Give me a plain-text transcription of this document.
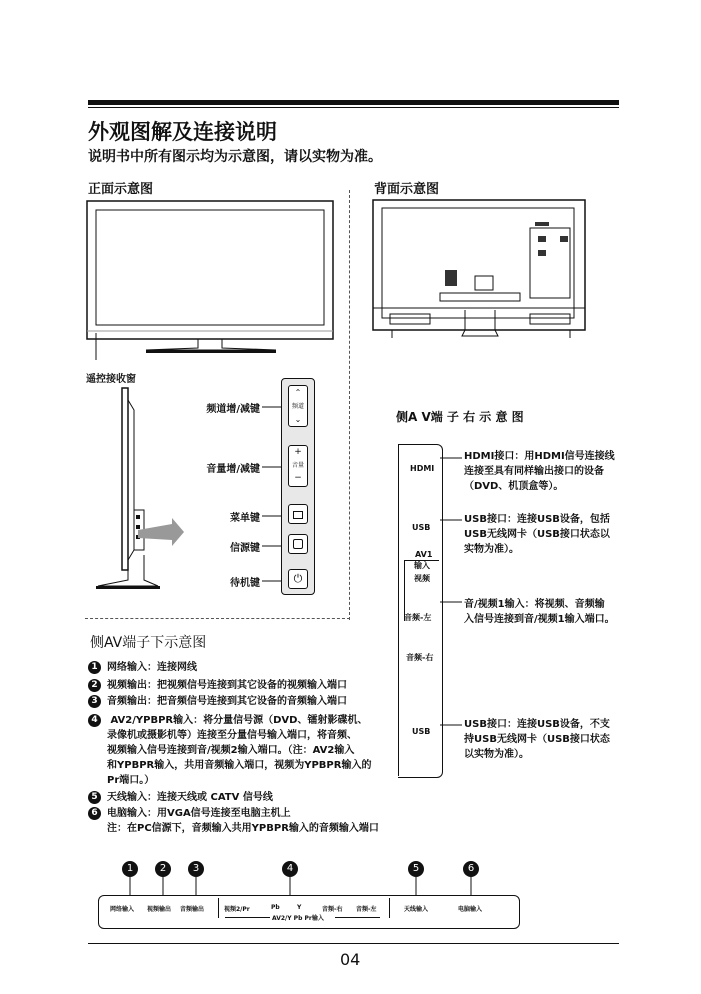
外观图解及连接说明
说明书中所有图示均为示意图，请以实物为准。
正面示意图	背面示意图
遥控接收窗
频道增/减键
音量增/减键
菜单键
信源键
待机键
⌃
频道
⌄
+
音量
−
⏻
侧A V端 子 右 示 意 图
HDMI
USB
AV1
输入
视频
音频-左
音频-右
USB
HDMI接口：用HDMI信号连接线
连接至具有同样输出接口的设备
（DVD、机顶盒等）。
USB接口：连接USB设备，包括
USB无线网卡（USB接口状态以
实物为准）。
音/视频1输入：将视频、音频输
入信号连接到音/视频1输入端口。
USB接口：连接USB设备，不支
持USB无线网卡（USB接口状态
以实物为准）。
侧AV端子下示意图
1 网络输入：连接网线
2 视频输出：把视频信号连接到其它设备的视频输入端口
3 音频输出：把音频信号连接到其它设备的音频输入端口
4 AV2/YPBPR输入：将分量信号源（DVD、镭射影碟机、
录像机或摄影机等）连接至分量信号输入端口，将音频、
视频输入信号连接到音/视频2输入端口。（注：AV2输入
和YPBPR输入，共用音频输入端口，视频为YPBPR输入的
Pr端口。）
5 天线输入：连接天线或 CATV 信号线
6 电脑输入：用VGA信号连接至电脑主机上
注：在PC信源下，音频输入共用YPBPR输入的音频输入端口
1	2	3	4	5	6
网络输入 视频输出 音频输出	视频2/Pr	Pb	Y	音频-右 音频-左	天线输入	电脑输入
AV2/Y Pb Pr输入
04
